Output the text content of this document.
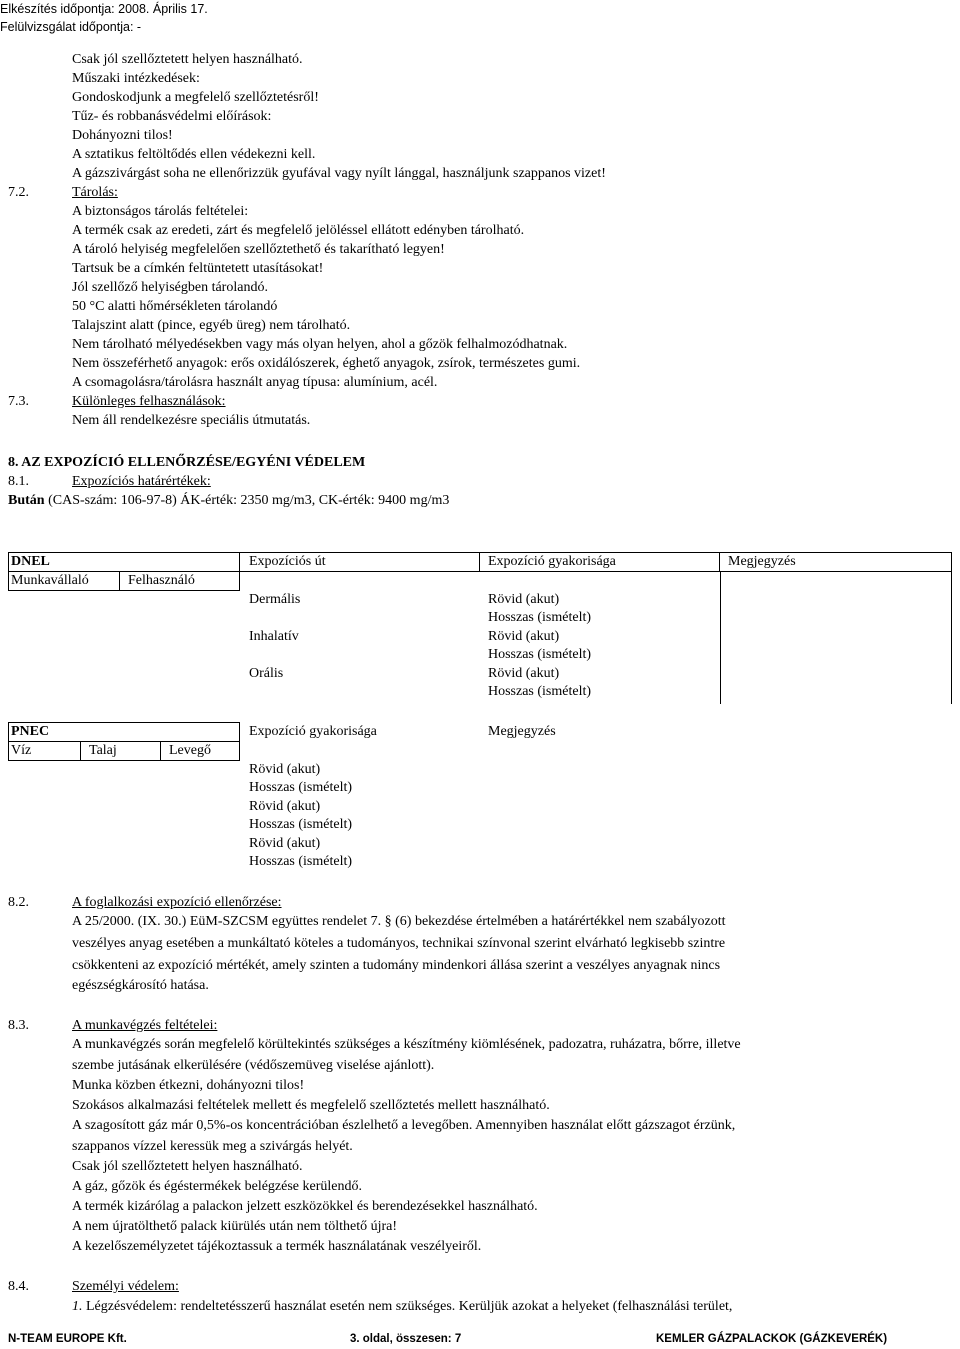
Elkészítés időpontja: 2008. Április 17.
Felülvizsgálat időpontja: -
Csak jól szellőztetett helyen használható.
Műszaki intézkedések:
Gondoskodjunk a megfelelő szellőztetésről!
Tűz- és robbanásvédelmi előírások:
Dohányozni tilos!
A sztatikus feltöltődés ellen védekezni kell.
A gázszivárgást soha ne ellenőrizzük gyufával vagy nyílt lánggal, használjunk szappanos vizet!
7.2.	Tárolás:
A biztonságos tárolás feltételei:
A termék csak az eredeti, zárt és megfelelő jelöléssel ellátott edényben tárolható.
A tároló helyiség megfelelően szellőztethető és takarítható legyen!
Tartsuk be a címkén feltüntetett utasításokat!
Jól szellőző helyiségben tárolandó.
50 °C alatti hőmérsékleten tárolandó
Talajszint alatt (pince, egyéb üreg) nem tárolható.
Nem tárolható mélyedésekben vagy más olyan helyen, ahol a gőzök felhalmozódhatnak.
Nem összeférhető anyagok: erős oxidálószerek, éghető anyagok, zsírok, természetes gumi.
A csomagolásra/tárolásra használt anyag típusa: alumínium, acél.
7.3.	Különleges felhasználások:
Nem áll rendelkezésre speciális útmutatás.
8. AZ EXPOZÍCIÓ ELLENŐRZÉSE/EGYÉNI VÉDELEM
8.1.	Expozíciós határértékek:
Bután (CAS-szám: 106-97-8) ÁK-érték: 2350 mg/m3, CK-érték: 9400 mg/m3
DNEL	Expozíciós út	Expozíció gyakorisága	Megjegyzés
Munkavállaló	Felhasználó
Dermális	Rövid (akut)
Hosszas (ismételt)
Inhalatív	Rövid (akut)
Hosszas (ismételt)
Orális	Rövid (akut)
Hosszas (ismételt)
PNEC	Expozíció gyakorisága	Megjegyzés
Víz	Talaj	Levegő
Rövid (akut)
Hosszas (ismételt)
Rövid (akut)
Hosszas (ismételt)
Rövid (akut)
Hosszas (ismételt)
8.2.	A foglalkozási expozíció ellenőrzése:
A 25/2000. (IX. 30.) EüM-SZCSM együttes rendelet 7. § (6) bekezdése értelmében a határértékkel nem szabályozott
veszélyes anyag esetében a munkáltató köteles a tudományos, technikai színvonal szerint elvárható legkisebb szintre
csökkenteni az expozíció mértékét, amely szinten a tudomány mindenkori állása szerint a veszélyes anyagnak nincs
egészségkárosító hatása.
8.3.	A munkavégzés feltételei:
A munkavégzés során megfelelő körültekintés szükséges a készítmény kiömlésének, padozatra, ruházatra, bőrre, illetve
szembe jutásának elkerülésére (védőszemüveg viselése ajánlott).
Munka közben étkezni, dohányozni tilos!
Szokásos alkalmazási feltételek mellett és megfelelő szellőztetés mellett használható.
A szagosított gáz már 0,5%-os koncentrációban észlelhető a levegőben. Amennyiben használat előtt gázszagot érzünk,
szappanos vízzel keressük meg a szivárgás helyét.
Csak jól szellőztetett helyen használható.
A gáz, gőzök és égéstermékek belégzése kerülendő.
A termék kizárólag a palackon jelzett eszközökkel és berendezésekkel használható.
A nem újratölthető palack kiürülés után nem tölthető újra!
A kezelőszemélyzetet tájékoztassuk a termék használatának veszélyeiről.
8.4.	Személyi védelem:
1. Légzésvédelem: rendeltetésszerű használat esetén nem szükséges. Kerüljük azokat a helyeket (felhasználási terület,
N-TEAM EUROPE Kft.	3. oldal, összesen: 7	KEMLER GÁZPALACKOK (GÁZKEVERÉK)
